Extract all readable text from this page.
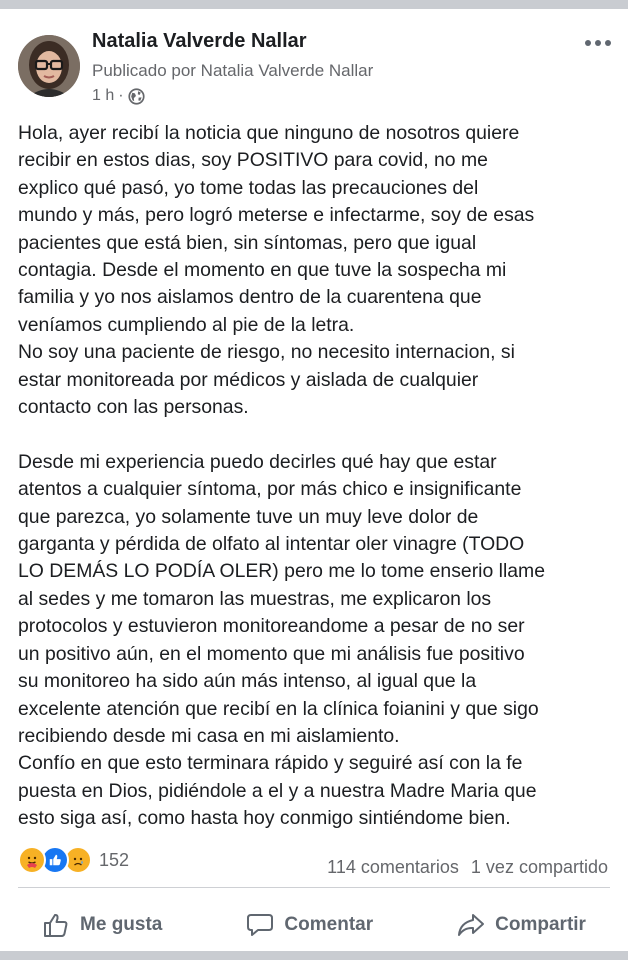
Natalia Valverde Nallar
Publicado por Natalia Valverde Nallar
1 h ·

Hola, ayer recibí la noticia que ninguno de nosotros quiere
recibir en estos dias, soy POSITIVO para covid, no me
explico qué pasó, yo tome todas las precauciones del
mundo y más, pero logró meterse e infectarme, soy de esas
pacientes que está bien, sin síntomas, pero que igual
contagia. Desde el momento en que tuve la sospecha mi
familia y yo nos aislamos dentro de la cuarentena que
veníamos cumpliendo al pie de la letra.
No soy una paciente de riesgo, no necesito internacion, si
estar monitoreada por médicos y aislada de cualquier
contacto con las personas.

Desde mi experiencia puedo decirles qué hay que estar
atentos a cualquier síntoma, por más chico e insignificante
que parezca, yo solamente tuve un muy leve dolor de
garganta y pérdida de olfato al intentar oler vinagre (TODO
LO DEMÁS LO PODÍA OLER) pero me lo tome enserio llame
al sedes y me tomaron las muestras, me explicaron los
protocolos y estuvieron monitoreandome a pesar de no ser
un positivo aún, en el momento que mi análisis fue positivo
su monitoreo ha sido aún más intenso, al igual que la
excelente atención que recibí en la clínica foianini y que sigo
recibiendo desde mi casa en mi aislamiento.
Confío en que esto terminara rápido y seguiré así con la fe
puesta en Dios, pidiéndole a el y a nuestra Madre Maria que
esto siga así, como hasta hoy conmigo sintiéndome bien.

152	114 comentarios 1 vez compartido
Me gusta	Comentar	Compartir
